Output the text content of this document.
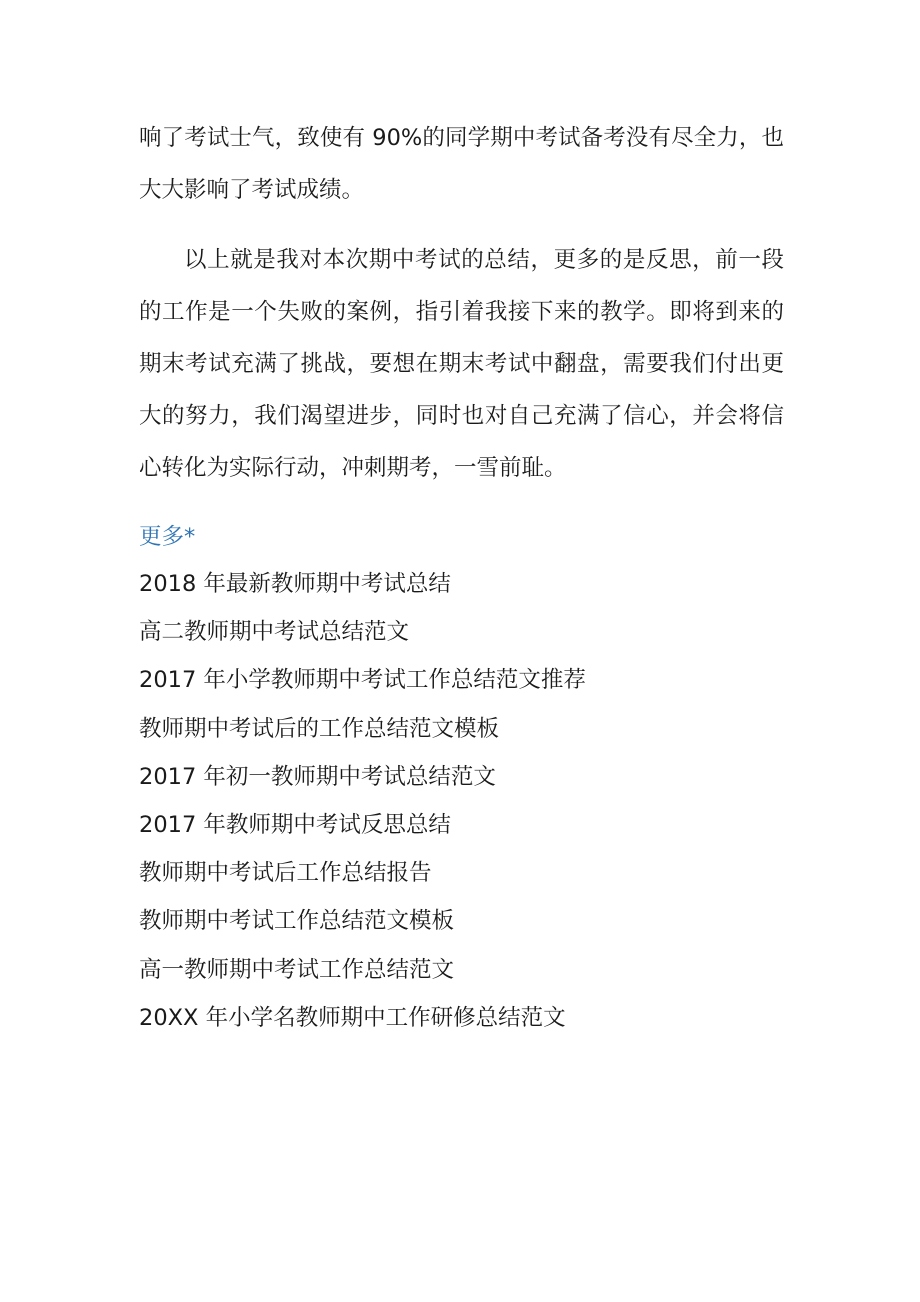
响了考试士气，致使有 90%的同学期中考试备考没有尽全力，也大大影响了考试成绩。

以上就是我对本次期中考试的总结，更多的是反思，前一段的工作是一个失败的案例，指引着我接下来的教学。即将到来的期末考试充满了挑战，要想在期末考试中翻盘，需要我们付出更大的努力，我们渴望进步，同时也对自己充满了信心，并会将信心转化为实际行动，冲刺期考，一雪前耻。

更多*
2018 年最新教师期中考试总结
高二教师期中考试总结范文
2017 年小学教师期中考试工作总结范文推荐
教师期中考试后的工作总结范文模板
2017 年初一教师期中考试总结范文
2017 年教师期中考试反思总结
教师期中考试后工作总结报告
教师期中考试工作总结范文模板
高一教师期中考试工作总结范文
20XX 年小学名教师期中工作研修总结范文
